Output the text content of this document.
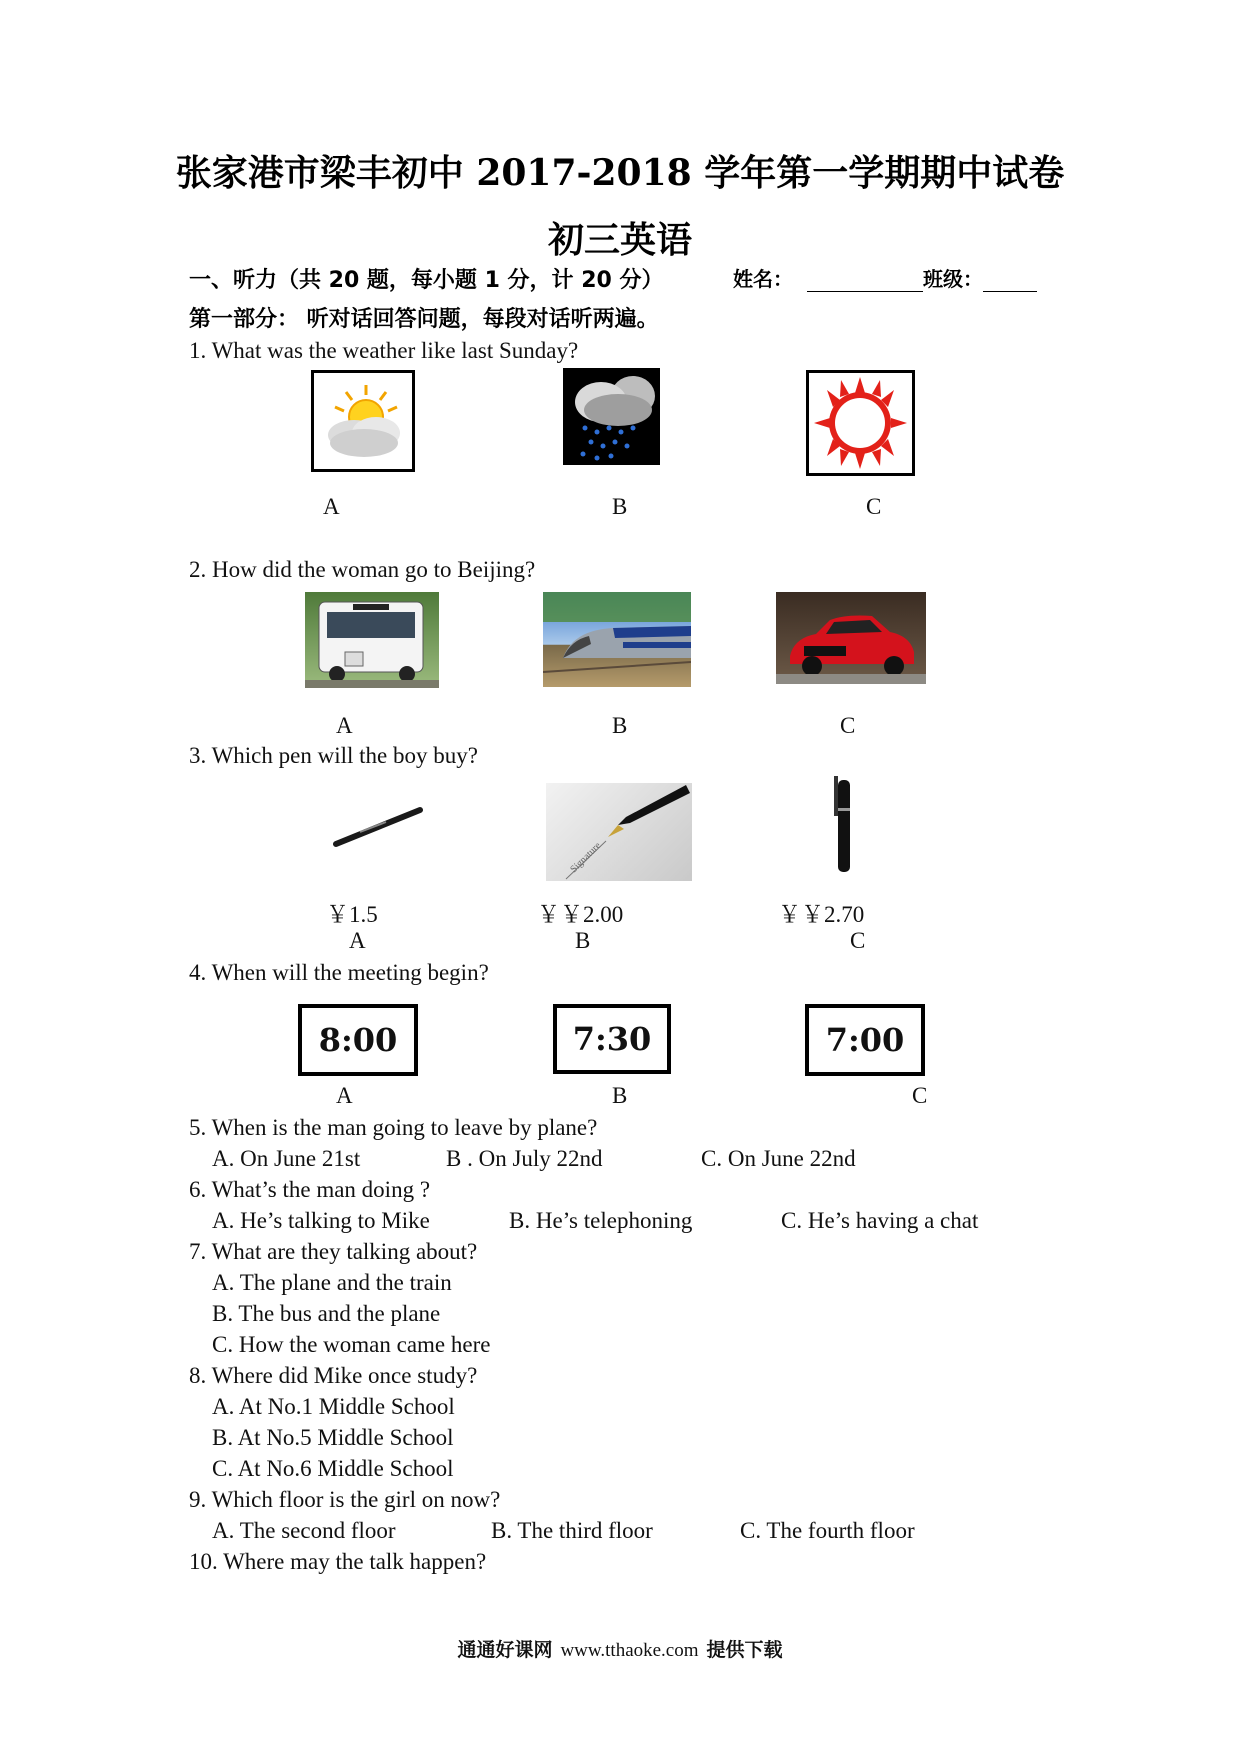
张家港市梁丰初中 2017-2018 学年第一学期期中试卷
初三英语
一、听力（共 20 题，每小题 1 分，计 20 分）	姓名：	班级：
第一部分： 听对话回答问题，每段对话听两遍。
1. What was the weather like last Sunday?
A	B	C
2. How did the woman go to Beijing?
A	B	C
3. Which pen will the boy buy?
Signature
￥1.5	￥￥2.00	￥￥2.70
A	B	C
4. When will the meeting begin?
8:00	7:30	7:00
A	B	C
5. When is the man going to leave by plane?
A. On June 21st	B . On July 22nd	C. On June 22nd
6. What’s the man doing ?
A. He’s talking to Mike	B. He’s telephoning	C. He’s having a chat
7. What are they talking about?
A. The plane and the train
B. The bus and the plane
C. How the woman came here
8. Where did Mike once study?
A. At No.1 Middle School
B. At No.5 Middle School
C. At No.6 Middle School
9. Which floor is the girl on now?
A. The second floor	B. The third floor	C. The fourth floor
10. Where may the talk happen?
通通好课网 www.tthaoke.com 提供下载
